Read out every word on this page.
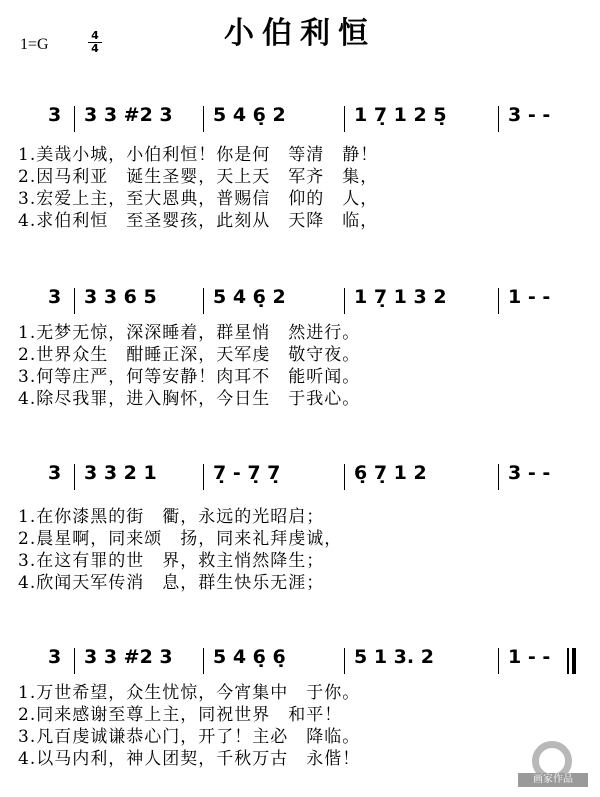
小伯利恒
1=G	$\frac{4}{4}$
3 3 3 #2 3 5 4 6̣ 2	1 7̣ 1 2 5̣	3 - -
1.美哉小城，小伯利恒！你是何　等清　静！
2.因马利亚　诞生圣婴，天上天　军齐　集，
3.宏爱上主，至大恩典，普赐信　仰的　人，
4.求伯利恒　至圣婴孩，此刻从　天降　临，
3 3 3 6 5	5 4 6̣ 2	1 7̣ 1 3 2	1 - -
1.无梦无惊，深深睡着，群星悄　然进行。
2.世界众生　酣睡正深，天军虔　敬守夜。
3.何等庄严，何等安静！肉耳不　能听闻。
4.除尽我罪，进入胸怀，今日生　于我心。
3 3 3 2 1	7̣ - 7̣ 7̣	6̣ 7̣ 1 2	3 - -
1.在你漆黑的街　衢，永远的光昭启；
2.晨星啊，同来颂　扬，同来礼拜虔诚，
3.在这有罪的世　界，救主悄然降生；
4.欣闻天军传消　息，群生快乐无涯；
3 3 3 #2 3 5 4 6̣ 6̣	5 1 3. 2	1 - -
1.万世希望，众生忧惊，今宵集中　于你。
2.同来感谢至尊上主，同祝世界　和平！
3.凡百虔诚谦恭心门，开了！主必　降临。
4.以马内利，神人团契，千秋万古　永偕！
画家作品
